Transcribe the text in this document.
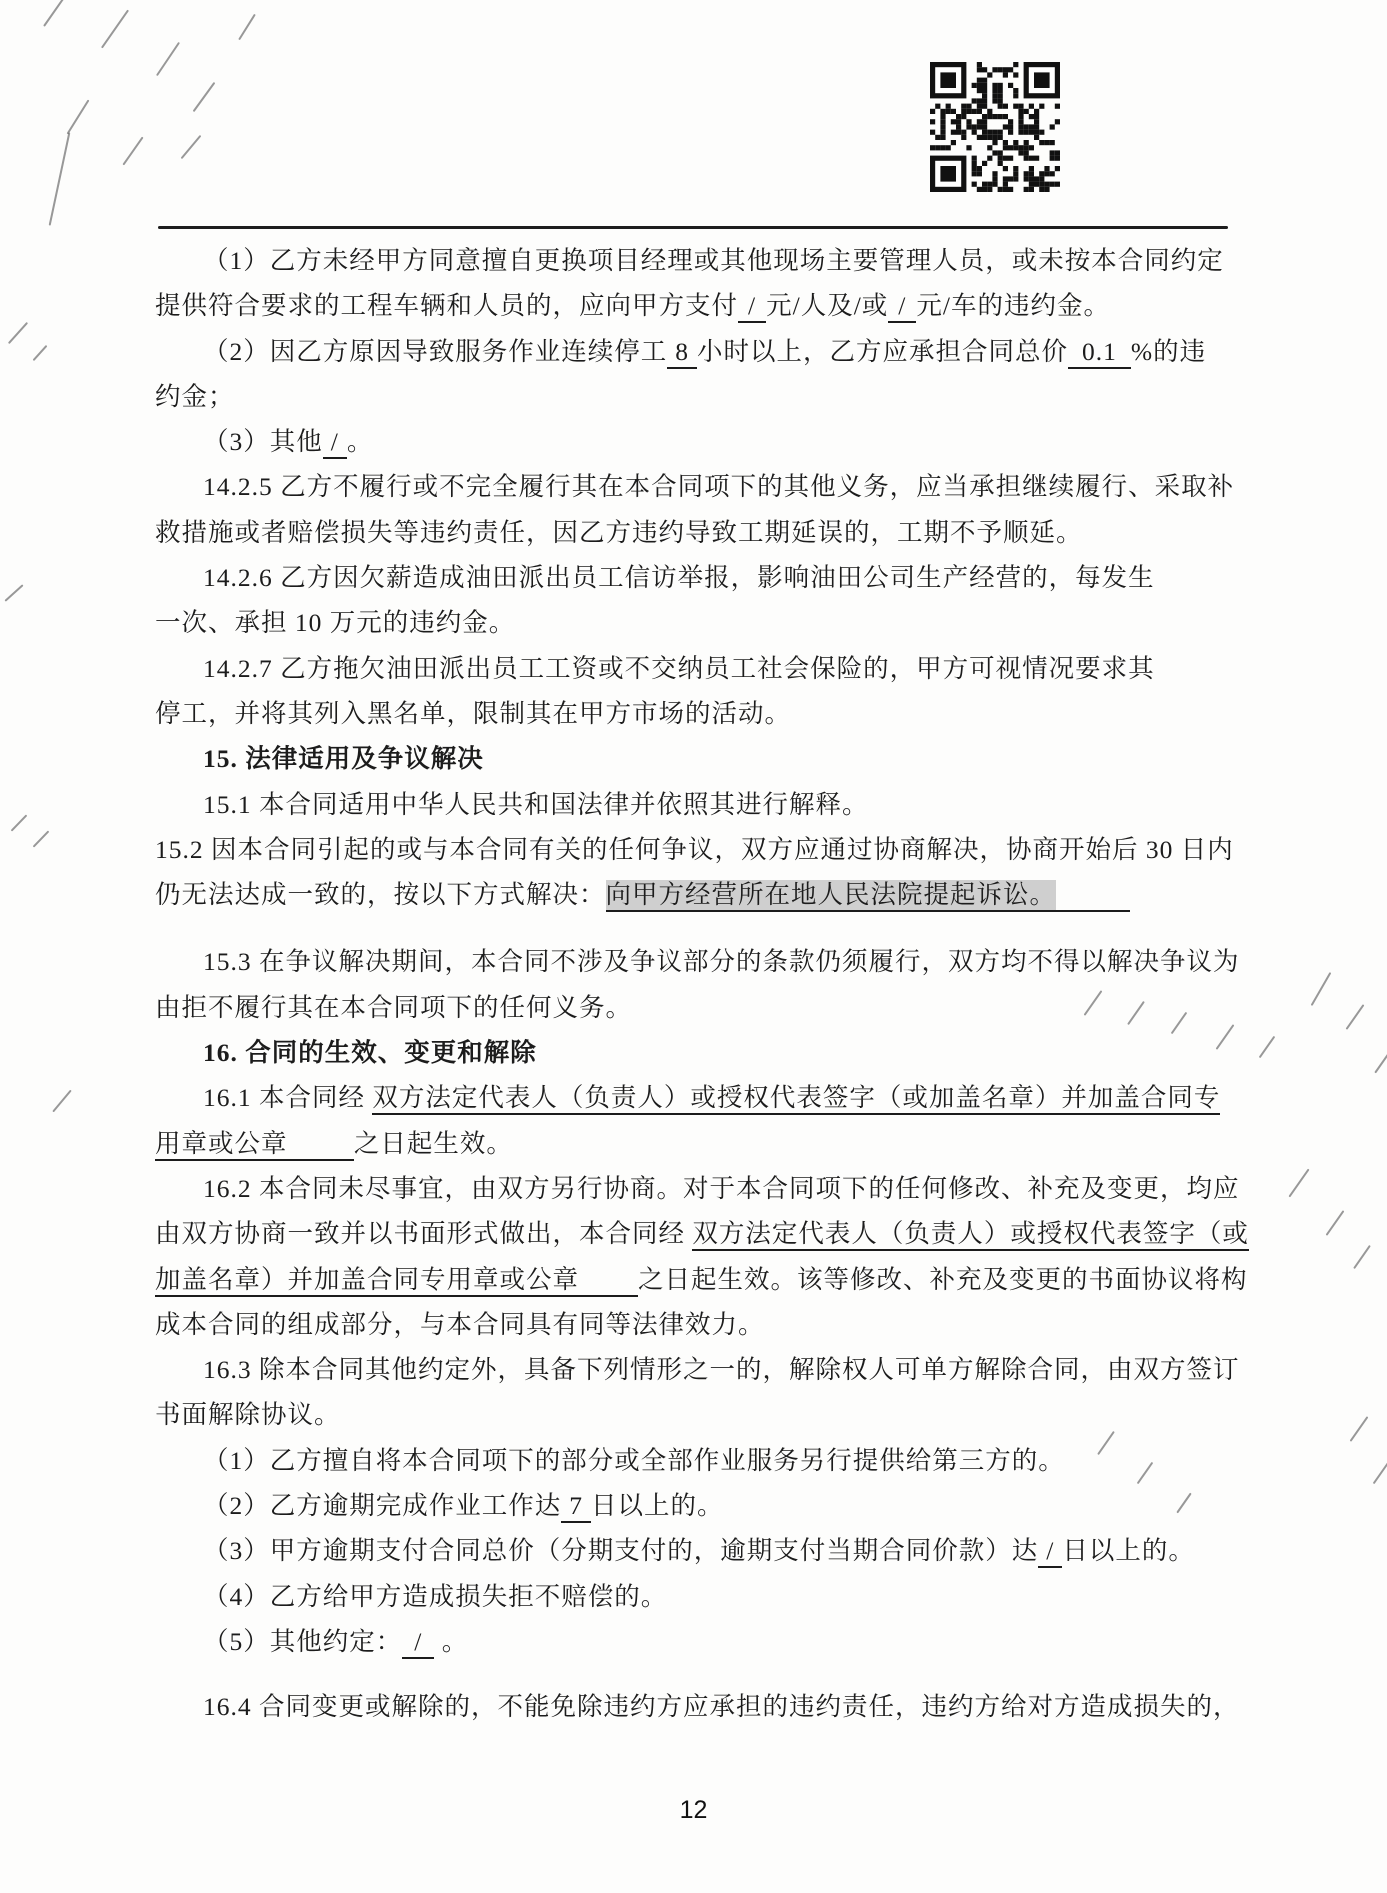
（1）乙方未经甲方同意擅自更换项目经理或其他现场主要管理人员，或未按本合同约定
提供符合要求的工程车辆和人员的，应向甲方支付 / 元/人及/或 / 元/车的违约金。
（2）因乙方原因导致服务作业连续停工 8 小时以上，乙方应承担合同总价 0.1 %的违
约金；
（3）其他 / 。
14.2.5 乙方不履行或不完全履行其在本合同项下的其他义务，应当承担继续履行、采取补
救措施或者赔偿损失等违约责任，因乙方违约导致工期延误的，工期不予顺延。
14.2.6 乙方因欠薪造成油田派出员工信访举报，影响油田公司生产经营的，每发生
一次、承担 10 万元的违约金。
14.2.7 乙方拖欠油田派出员工工资或不交纳员工社会保险的，甲方可视情况要求其
停工，并将其列入黑名单，限制其在甲方市场的活动。
15. 法律适用及争议解决
15.1 本合同适用中华人民共和国法律并依照其进行解释。
15.2 因本合同引起的或与本合同有关的任何争议，双方应通过协商解决，协商开始后 30 日内
仍无法达成一致的，按以下方式解决：向甲方经营所在地人民法院提起诉讼。
15.3 在争议解决期间，本合同不涉及争议部分的条款仍须履行，双方均不得以解决争议为
由拒不履行其在本合同项下的任何义务。
16. 合同的生效、变更和解除
16.1 本合同经 双方法定代表人（负责人）或授权代表签字（或加盖名章）并加盖合同专
用章或公章	之日起生效。
16.2 本合同未尽事宜，由双方另行协商。对于本合同项下的任何修改、补充及变更，均应
由双方协商一致并以书面形式做出，本合同经 双方法定代表人（负责人）或授权代表签字（或
加盖名章）并加盖合同专用章或公章 之日起生效。该等修改、补充及变更的书面协议将构
成本合同的组成部分，与本合同具有同等法律效力。
16.3 除本合同其他约定外，具备下列情形之一的，解除权人可单方解除合同，由双方签订
书面解除协议。
（1）乙方擅自将本合同项下的部分或全部作业服务另行提供给第三方的。
（2）乙方逾期完成作业工作达 7 日以上的。
（3）甲方逾期支付合同总价（分期支付的，逾期支付当期合同价款）达 / 日以上的。
（4）乙方给甲方造成损失拒不赔偿的。
（5）其他约定： / 。
16.4 合同变更或解除的，不能免除违约方应承担的违约责任，违约方给对方造成损失的，
12
